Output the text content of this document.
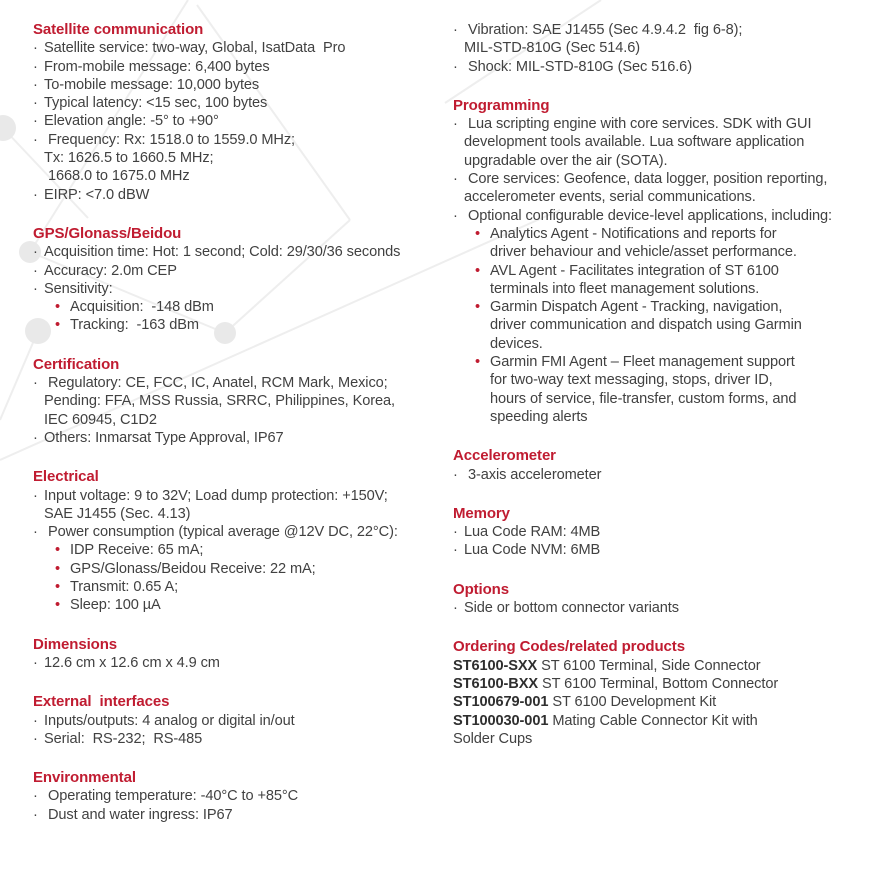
Satellite communication
· Satellite service: two-way, Global, IsatData  Pro
· From-mobile message: 6,400 bytes
· To-mobile message: 10,000 bytes
· Typical latency: <15 sec, 100 bytes
· Elevation angle: -5° to +90°
· Frequency: Rx: 1518.0 to 1559.0 MHz;
Tx: 1626.5 to 1660.5 MHz;
1668.0 to 1675.0 MHz
· EIRP: <7.0 dBW
GPS/Glonass/Beidou
· Acquisition time: Hot: 1 second; Cold: 29/30/36 seconds
· Accuracy: 2.0m CEP
· Sensitivity:
• Acquisition:  -148 dBm
• Tracking:  -163 dBm
Certification
· Regulatory: CE, FCC, IC, Anatel, RCM Mark, Mexico;
Pending: FFA, MSS Russia, SRRC, Philippines, Korea,
IEC 60945, C1D2
· Others: Inmarsat Type Approval, IP67
Electrical
· Input voltage: 9 to 32V; Load dump protection: +150V;
SAE J1455 (Sec. 4.13)
· Power consumption (typical average @12V DC, 22°C):
• IDP Receive: 65 mA;
• GPS/Glonass/Beidou Receive: 22 mA;
• Transmit: 0.65 A;
• Sleep: 100 µA
Dimensions
· 12.6 cm x 12.6 cm x 4.9 cm
External  interfaces
· Inputs/outputs: 4 analog or digital in/out
· Serial:  RS-232;  RS-485
Environmental
· Operating temperature: -40°C to +85°C
· Dust and water ingress: IP67
· Vibration: SAE J1455 (Sec 4.9.4.2  fig 6-8);
MIL-STD-810G (Sec 514.6)
· Shock: MIL-STD-810G (Sec 516.6)
Programming
· Lua scripting engine with core services. SDK with GUI
development tools available. Lua software application
upgradable over the air (SOTA).
· Core services: Geofence, data logger, position reporting,
accelerometer events, serial communications.
· Optional configurable device-level applications, including:
• Analytics Agent - Notifications and reports for
driver behaviour and vehicle/asset performance.
• AVL Agent - Facilitates integration of ST 6100
terminals into fleet management solutions.
• Garmin Dispatch Agent - Tracking, navigation,
driver communication and dispatch using Garmin
devices.
• Garmin FMI Agent – Fleet management support
for two-way text messaging, stops, driver ID,
hours of service, file-transfer, custom forms, and
speeding alerts
Accelerometer
· 3-axis accelerometer
Memory
· Lua Code RAM: 4MB
· Lua Code NVM: 6MB
Options
· Side or bottom connector variants
Ordering Codes/related products
ST6100-SXX ST 6100 Terminal, Side Connector
ST6100-BXX ST 6100 Terminal, Bottom Connector
ST100679-001 ST 6100 Development Kit
ST100030-001 Mating Cable Connector Kit with
Solder Cups
